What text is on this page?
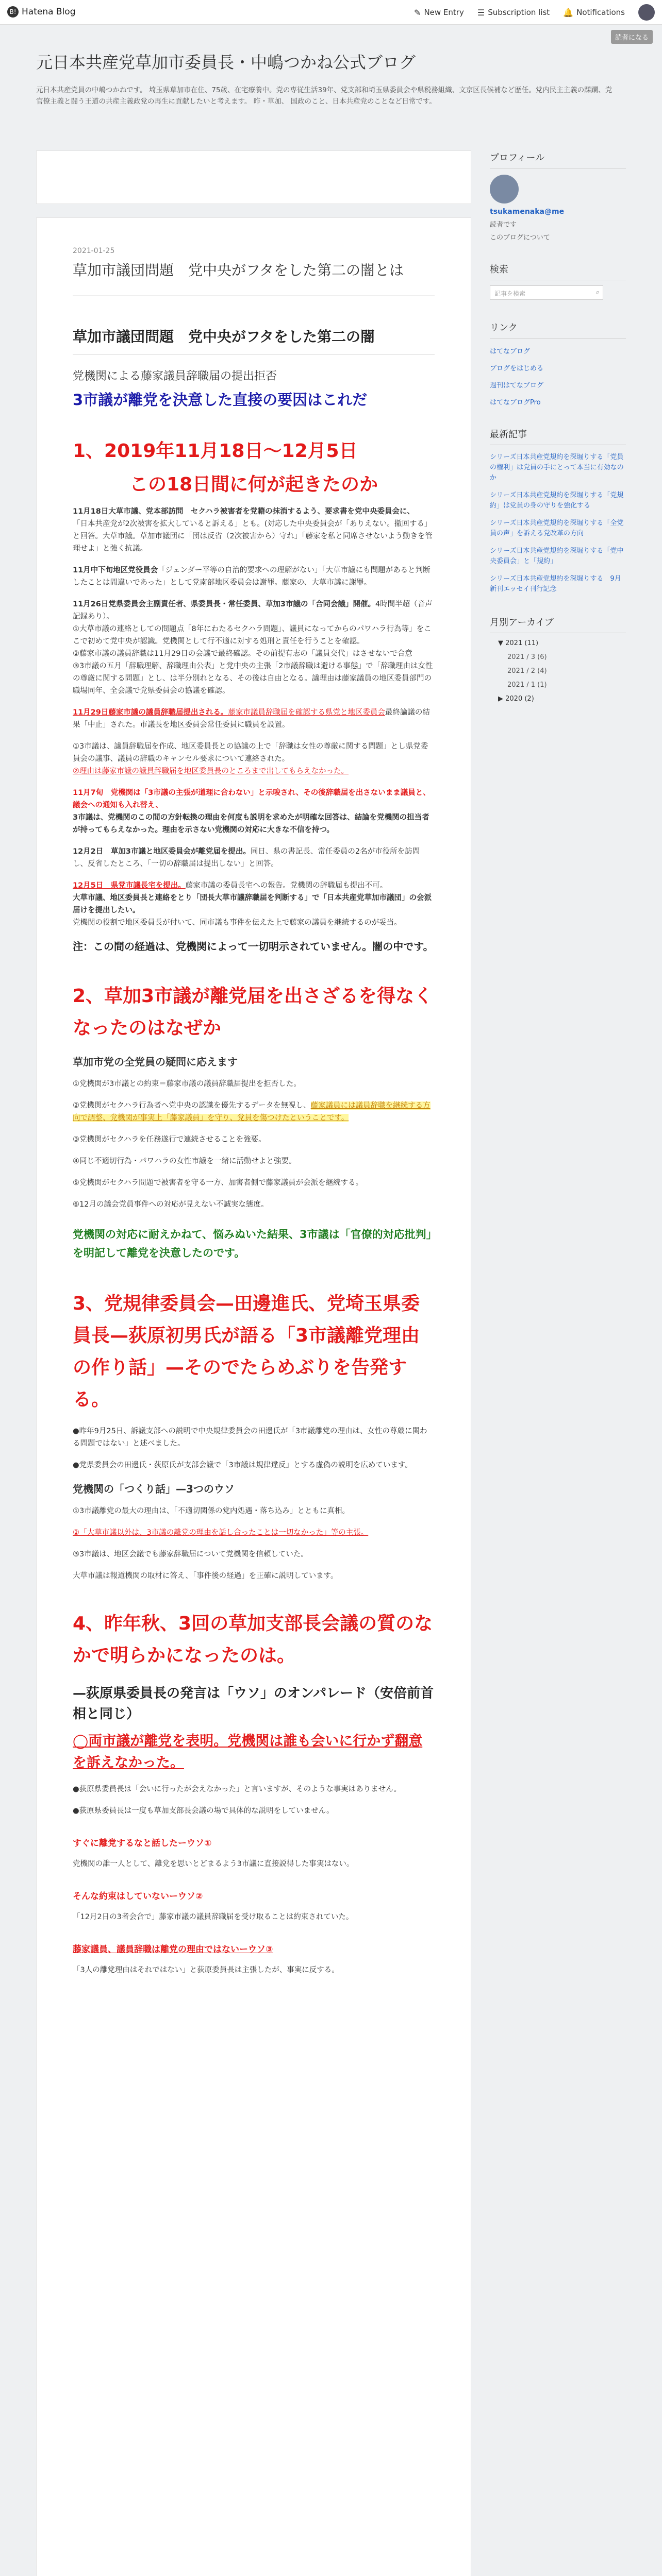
B! Hatena Blog	✎ New Entry ☰ Subscription list 🔔 Notifications
読者になる
元日本共産党草加市委員長・中嶋つかね公式ブログ
元日本共産党員の中嶋つかねです。 埼玉県草加市在住、75歳、在宅療養中。党の専従生活39年、党支部和埼玉県委員会や県税務組織、文京区長候補など歴任。党内民主主義の蹂躙、党官僚主義と闘う王道の共産主義政党の再生に貢献したいと考えます。 昨・草加、 国政のこと、日本共産党のことなど日常です。
2021-01-25
草加市議団問題　党中央がフタをした第二の闇とは
草加市議団問題　党中央がフタをした第二の闇
党機関による藤家議員辞職届の提出拒否
3市議が離党を決意した直接の要因はこれだ
1、2019年11月18日～12月5日
この18日間に何が起きたのか
11月18日大草市議、党本部訪問　セクハラ被害者を党籍の抹消するよう、要求書を党中央委員会に、
「日本共産党が2次被害を拡大していると訴える」とも。(対応した中央委員会が「ありえない。撤回する」と回答。大草市議。草加市議団に「団は反省（2次被害から）守れ」「藤家を私と同席させないよう動きを管理せよ」と強く抗議。
11月中下旬地区党役員会「ジェンダー平等の自治的要求への理解がない」「大草市議にも問題があると判断したことは間違いであった」として党南部地区委員会は謝罪。藤家の、大草市議に謝罪。
11月26日党県委員会主副責任者、県委員長・常任委員、草加3市議の「合同会議」開催。4時間半超（音声記録あり）。
①大草市議の連絡としての問題点「8年にわたるセクハラ問題」、議員になってからのパワハラ行為等」をここで初めて党中央が認識。党機関として行不適に対する処刑と責任を行うことを確認。
②藤家市議の議員辞職は11月29日の会議で最終確認。その前提有志の「議員交代」はさせないで合意
③3市議の五月「辞職理解、辞職理由公表」と党中央の主張「2市議辞職は避ける事態」で「辞職理由は女性の尊厳に関する問題」とし、は半分別れとなる、その後は自由となる。議理由は藤家議員の地区委員部門の職場同年、全会議で党県委員会の協議を確認。
11月29日藤家市議の議員辞職届提出される。藤家市議員辞職届を確認する県党と地区委員会最終論議の結果「中止」された。市議長を地区委員会常任委員に職員を設置。
①3市議は、議員辞職届を作成、地区委員長との協議の上で「辞職は女性の尊厳に関する問題」とし県党委員会の議事、議員の辞職のキャンセル要求について連絡された。
②理由は藤家市議の議員辞職届を地区委員長のところまで出してもらえなかった。
11月7旬　党機関は「3市議の主張が道理に合わない」と示唆され、その後辞職届を出さないまま議員と、議会への通知も入れ替え、
3市議は、党機関のこの間の方針転換の理由を何度も説明を求めたが明確な回答は、結論を党機関の担当者が持ってもらえなかった。理由を示さない党機関の対応に大きな不信を持つ。
12月2日　草加3市議と地区委員会が離党届を提出。同日、県の書記長、常任委員の2名が市役所を訪問し、反省したところ、「一切の辞職届は提出しない」と回答。
12月5日　県党市議長宅を提出。藤家市議の委員長宅への報告。党機関の辞職届も提出不可。
大草市議、地区委員長と連絡をとり「団長大草市議辞職届を判断する」で「日本共産党草加市議団」の会派届けを提出したい。
党機関の役割で地区委員長が付いて、同市議も事件を伝えた上で藤家の議員を継続するのが妥当。
注：この間の経過は、党機関によって一切明示されていません。闇の中です。
2、草加3市議が離党届を出さざるを得なくなったのはなぜか
草加市党の全党員の疑問に応えます
①党機関が3市議との約束＝藤家市議の議員辞職届提出を拒否した。
②党機関がセクハラ行為者へ党中央の認識を優先するデータを無視し、藤家議員には議員辞職を継続する方向で調整、党機関が事実上「藤家議員」を守り、党員を傷つけたということです。
③党機関がセクハラを任務遂行で連続させることを強要。
④同じ不適切行為・パワハラの女性市議を一緒に活動せよと強要。
⑤党機関がセクハラ問題で被害者を守る一方、加害者側で藤家議員が会派を継続する。
⑥12月の議会党員事件への対応が見えない不誠実な態度。
党機関の対応に耐えかねて、悩みぬいた結果、3市議は「官僚的対応批判」を明記して離党を決意したのです。
3、党規律委員会—田邊進氏、党埼玉県委員長—荻原初男氏が語る「3市議離党理由の作り話」—そのでたらめぶりを告発する。
●昨年9月25日、訴議支部への説明で中央規律委員会の田邊氏が「3市議離党の理由は、女性の尊厳に関わる問題ではない」と述べました。
●党県委員会の田邊氏・荻原氏が支部会議で「3市議は規律違反」とする虚偽の説明を広めています。
党機関の「つくり話」—3つのウソ
①3市議離党の最大の理由は、「不適切関係の党内処遇・落ち込み」とともに真相。
②「大草市議以外は、3市議の離党の理由を話し合ったことは一切なかった」等の主張。
③3市議は、地区会議でも藤家辞職届について党機関を信頼していた。
大草市議は報道機関の取材に答え、「事件後の経過」を正確に説明しています。
4、昨年秋、3回の草加支部長会議の質のなかで明らかになったのは。
—荻原県委員長の発言は「ウソ」のオンパレード（安倍前首相と同じ）
◯両市議が離党を表明。党機関は誰も会いに行かず翻意を訴えなかった。
●荻原県委員長は「会いに行ったが会えなかった」と言いますが、そのような事実はありません。
●荻原県委員長は一度も草加支部長会議の場で具体的な説明をしていません。
すぐに離党するなと話したーウソ①
党機関の誰一人として、離党を思いとどまるよう3市議に直接説得した事実はない。
そんな約束はしていないーウソ②
「12月2日の3者会合で」藤家市議の議員辞職届を受け取ることは約束されていた。
藤家議員、議員辞職は離党の理由ではないーウソ③
「3人の離党理由はそれではない」と荻原委員長は主張したが、事実に反する。
プロフィール
tsukamenaka@me
読者です
このブログについて
検索
記事を検索	⌕
リンク
はてなブログ
ブログをはじめる
週刊はてなブログ
はてなブログPro
最新記事
シリーズ日本共産党規約を深堀りする「党員の権利」は党員の手にとって本当に有効なのか
シリーズ日本共産党規約を深堀りする「党規約」は党員の身の守りを強化する
シリーズ日本共産党規約を深堀りする「全党員の声」を訴える党改革の方向
シリーズ日本共産党規約を深堀りする「党中央委員会」と「規約」
シリーズ日本共産党規約を深堀りする　9月新刊エッセイ刊行記念
月別アーカイブ
▼ 2021 (11)
2021 / 3 (6)
2021 / 2 (4)
2021 / 1 (1)
▶ 2020 (2)
